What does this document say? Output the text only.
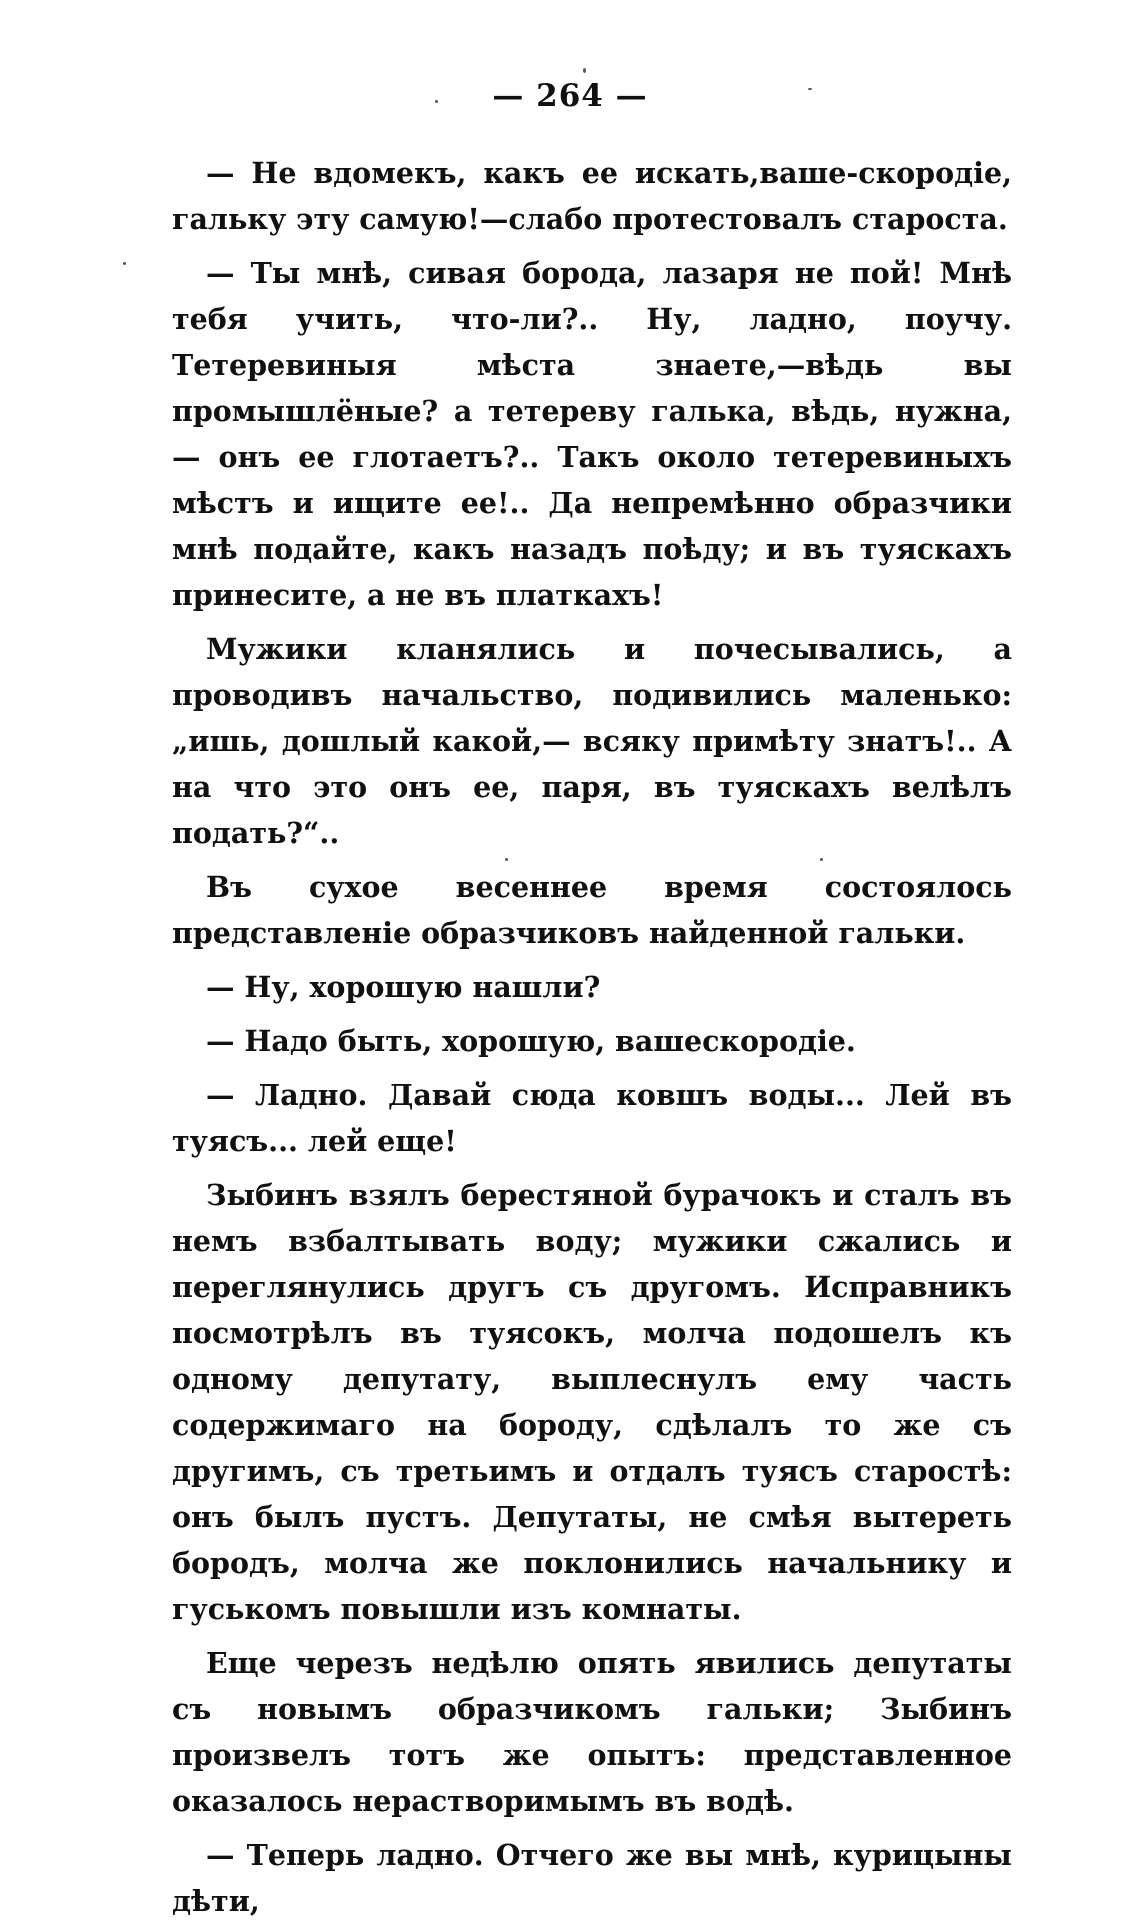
— 264 —

— Не вдомекъ, какъ ее искать,ваше-скородіе, гальку эту самую!—слабо протестовалъ староста.

— Ты мнѣ, сивая борода, лазаря не пой! Мнѣ тебя учить, что-ли?.. Ну, ладно, поучу. Тетеревиныя мѣста знаете,—вѣдь вы промышлёные? а тетереву галька, вѣдь, нужна, — онъ ее глотаетъ?.. Такъ около тетеревиныхъ мѣстъ и ищите ее!.. Да непремѣнно образчики мнѣ подайте, какъ назадъ поѣду; и въ туяскахъ принесите, а не въ платкахъ!

Мужики кланялись и почесывались, а проводивъ начальство, подивились маленько: „ишь, дошлый какой,— всяку примѣту знатъ!.. А на что это онъ ее, паря, въ туяскахъ велѣлъ подать?“..

Въ сухое весеннее время состоялось представленіе образчиковъ найденной гальки.

— Ну, хорошую нашли?

— Надо быть, хорошую, вашескородіе.

— Ладно. Давай сюда ковшъ воды... Лей въ туясъ... лей еще!

Зыбинъ взялъ берестяной бурачокъ и сталъ въ немъ взбалтывать воду; мужики сжались и переглянулись другъ съ другомъ. Исправникъ посмотрѣлъ въ туясокъ, молча подошелъ къ одному депутату, выплеснулъ ему часть содержимаго на бороду, сдѣлалъ то же съ другимъ, съ третьимъ и отдалъ туясъ старостѣ: онъ былъ пустъ. Депутаты, не смѣя вытереть бородъ, молча же поклонились начальнику и гуськомъ повышли изъ комнаты.

Еще черезъ недѣлю опять явились депутаты съ новымъ образчикомъ гальки; Зыбинъ произвелъ тотъ же опытъ: представленное оказалось нерастворимымъ въ водѣ.

— Теперь ладно. Отчего же вы мнѣ, курицыны дѣти,
